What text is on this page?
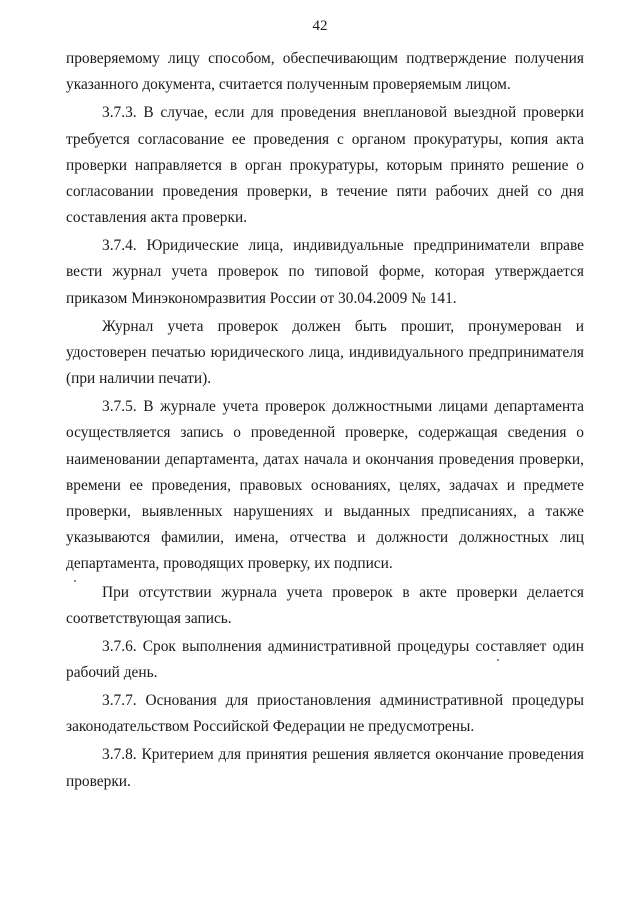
42

проверяемому лицу способом, обеспечивающим подтверждение получения указанного документа, считается полученным проверяемым лицом.

3.7.3. В случае, если для проведения внеплановой выездной проверки требуется согласование ее проведения с органом прокуратуры, копия акта проверки направляется в орган прокуратуры, которым принято решение о согласовании проведения проверки, в течение пяти рабочих дней со дня составления акта проверки.

3.7.4. Юридические лица, индивидуальные предприниматели вправе вести журнал учета проверок по типовой форме, которая утверждается приказом Минэкономразвития России от 30.04.2009 № 141.

Журнал учета проверок должен быть прошит, пронумерован и удостоверен печатью юридического лица, индивидуального предпринимателя (при наличии печати).

3.7.5. В журнале учета проверок должностными лицами департамента осуществляется запись о проведенной проверке, содержащая сведения о наименовании департамента, датах начала и окончания проведения проверки, времени ее проведения, правовых основаниях, целях, задачах и предмете проверки, выявленных нарушениях и выданных предписаниях, а также указываются фамилии, имена, отчества и должности должностных лиц департамента, проводящих проверку, их подписи.

При отсутствии журнала учета проверок в акте проверки делается соответствующая запись.

3.7.6. Срок выполнения административной процедуры составляет один рабочий день.

3.7.7. Основания для приостановления административной процедуры законодательством Российской Федерации не предусмотрены.

3.7.8. Критерием для принятия решения является окончание проведения проверки.
